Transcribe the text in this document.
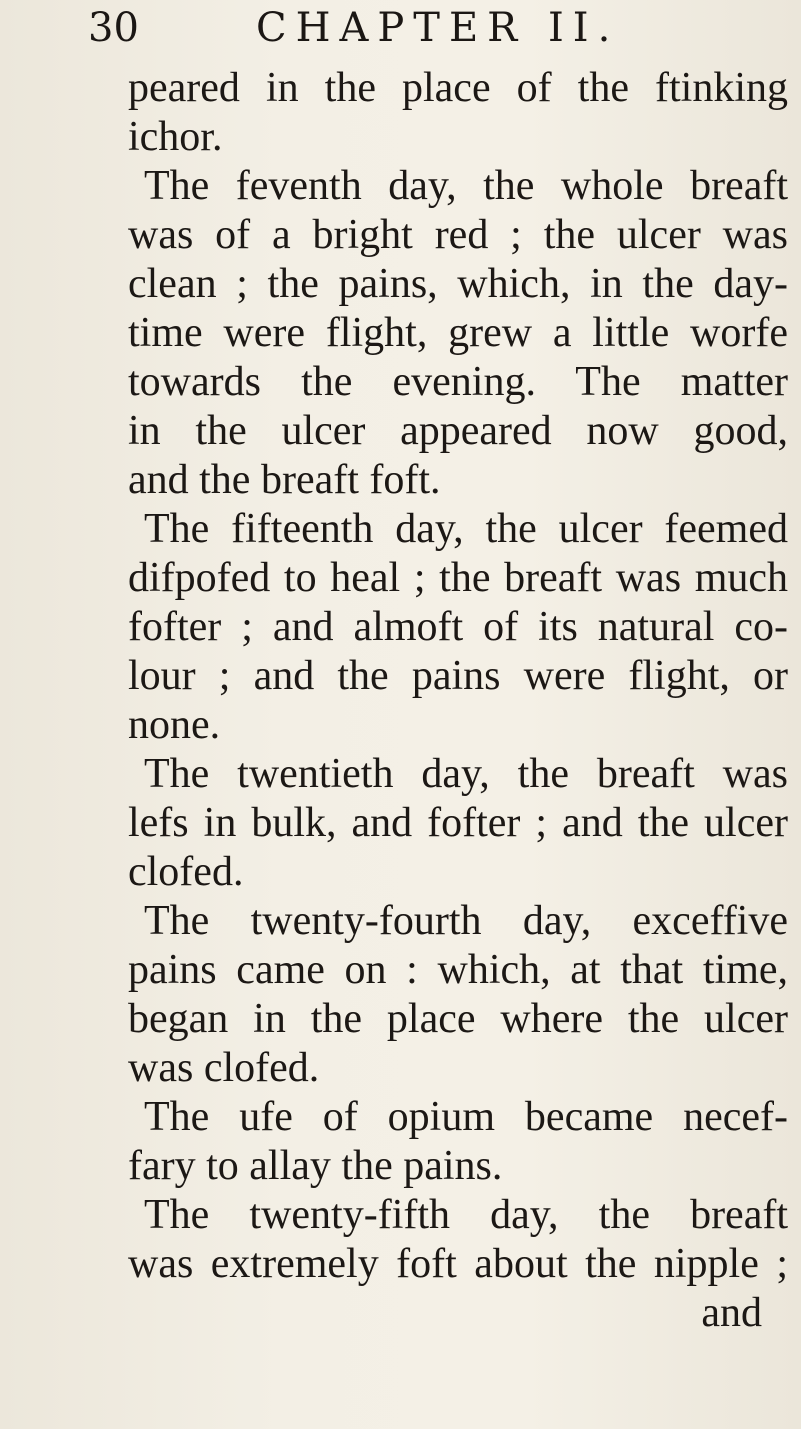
30	CHAPTER II.
peared in the place of the ftinking
ichor.
The feventh day, the whole breaft
was of a bright red ; the ulcer was
clean ; the pains, which, in the day-
time were flight, grew a little worfe
towards the evening. The matter
in the ulcer appeared now good,
and the breaft foft.
The fifteenth day, the ulcer feemed
difpofed to heal ; the breaft was much
fofter ; and almoft of its natural co-
lour ; and the pains were flight, or
none.
The twentieth day, the breaft was
lefs in bulk, and fofter ; and the ulcer
clofed.
The twenty-fourth day, exceffive
pains came on : which, at that time,
began in the place where the ulcer
was clofed.
The ufe of opium became necef-
fary to allay the pains.
The twenty-fifth day, the breaft
was extremely foft about the nipple ;
and
